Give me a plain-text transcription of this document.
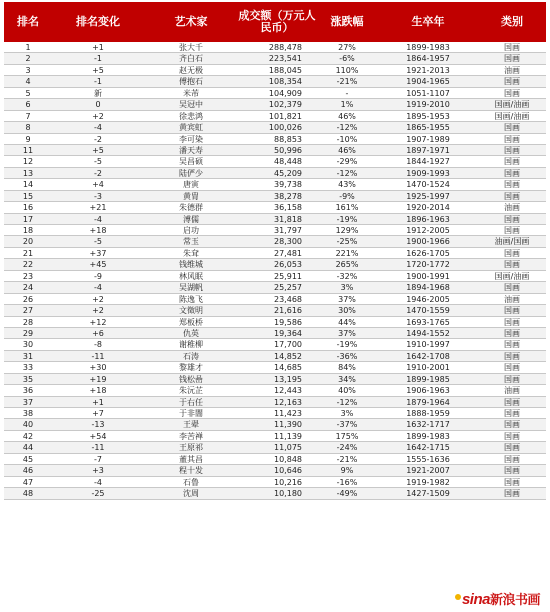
排名	排名变化	艺术家	成交额（万元人民币）	涨跌幅	生卒年	类别
1	+1	张大千	288,478	27%	1899-1983	国画
2	-1	齐白石	223,541	-6%	1864-1957	国画
3	+5	赵无极	188,045	110%	1921-2013	油画
4	-1	傅抱石	108,354	-21%	1904-1965	国画
5	新	米芾	104,909	-	1051-1107	国画
6	0	吴冠中	102,379	1%	1919-2010	国画/油画
7	+2	徐悲鸿	101,821	46%	1895-1953	国画/油画
8	-4	黄宾虹	100,026	-12%	1865-1955	国画
9	-2	李可染	88,853	-10%	1907-1989	国画
11	+5	潘天寿	50,996	46%	1897-1971	国画
12	-5	吴昌硕	48,448	-29%	1844-1927	国画
13	-2	陆俨少	45,209	-12%	1909-1993	国画
14	+4	唐寅	39,738	43%	1470-1524	国画
15	-3	黄胄	38,278	-9%	1925-1997	国画
16	+21	朱德群	36,158	161%	1920-2014	油画
17	-4	溥儒	31,818	-19%	1896-1963	国画
18	+18	启功	31,797	129%	1912-2005	国画
20	-5	常玉	28,300	-25%	1900-1966	油画/国画
21	+37	朱耷	27,481	221%	1626-1705	国画
22	+45	钱维城	26,053	265%	1720-1772	国画
23	-9	林风眠	25,911	-32%	1900-1991	国画/油画
24	-4	吴湖帆	25,257	3%	1894-1968	国画
26	+2	陈逸飞	23,468	37%	1946-2005	油画
27	+2	文徵明	21,616	30%	1470-1559	国画
28	+12	郑板桥	19,586	44%	1693-1765	国画
29	+6	仇英	19,364	37%	1494-1552	国画
30	-8	谢稚柳	17,700	-19%	1910-1997	国画
31	-11	石涛	14,852	-36%	1642-1708	国画
33	+30	黎雄才	14,685	84%	1910-2001	国画
35	+19	钱松喦	13,195	34%	1899-1985	国画
36	+18	朱沅芷	12,443	40%	1906-1963	油画
37	+1	于右任	12,163	-12%	1879-1964	国画
38	+7	于非闇	11,423	3%	1888-1959	国画
40	-13	王翚	11,390	-37%	1632-1717	国画
42	+54	李苦禅	11,139	175%	1899-1983	国画
44	-11	王原祁	11,075	-24%	1642-1715	国画
45	-7	董其昌	10,848	-21%	1555-1636	国画
46	+3	程十发	10,646	9%	1921-2007	国画
47	-4	石鲁	10,216	-16%	1919-1982	国画
48	-25	沈周	10,180	-49%	1427-1509	国画
sina新浪书画
